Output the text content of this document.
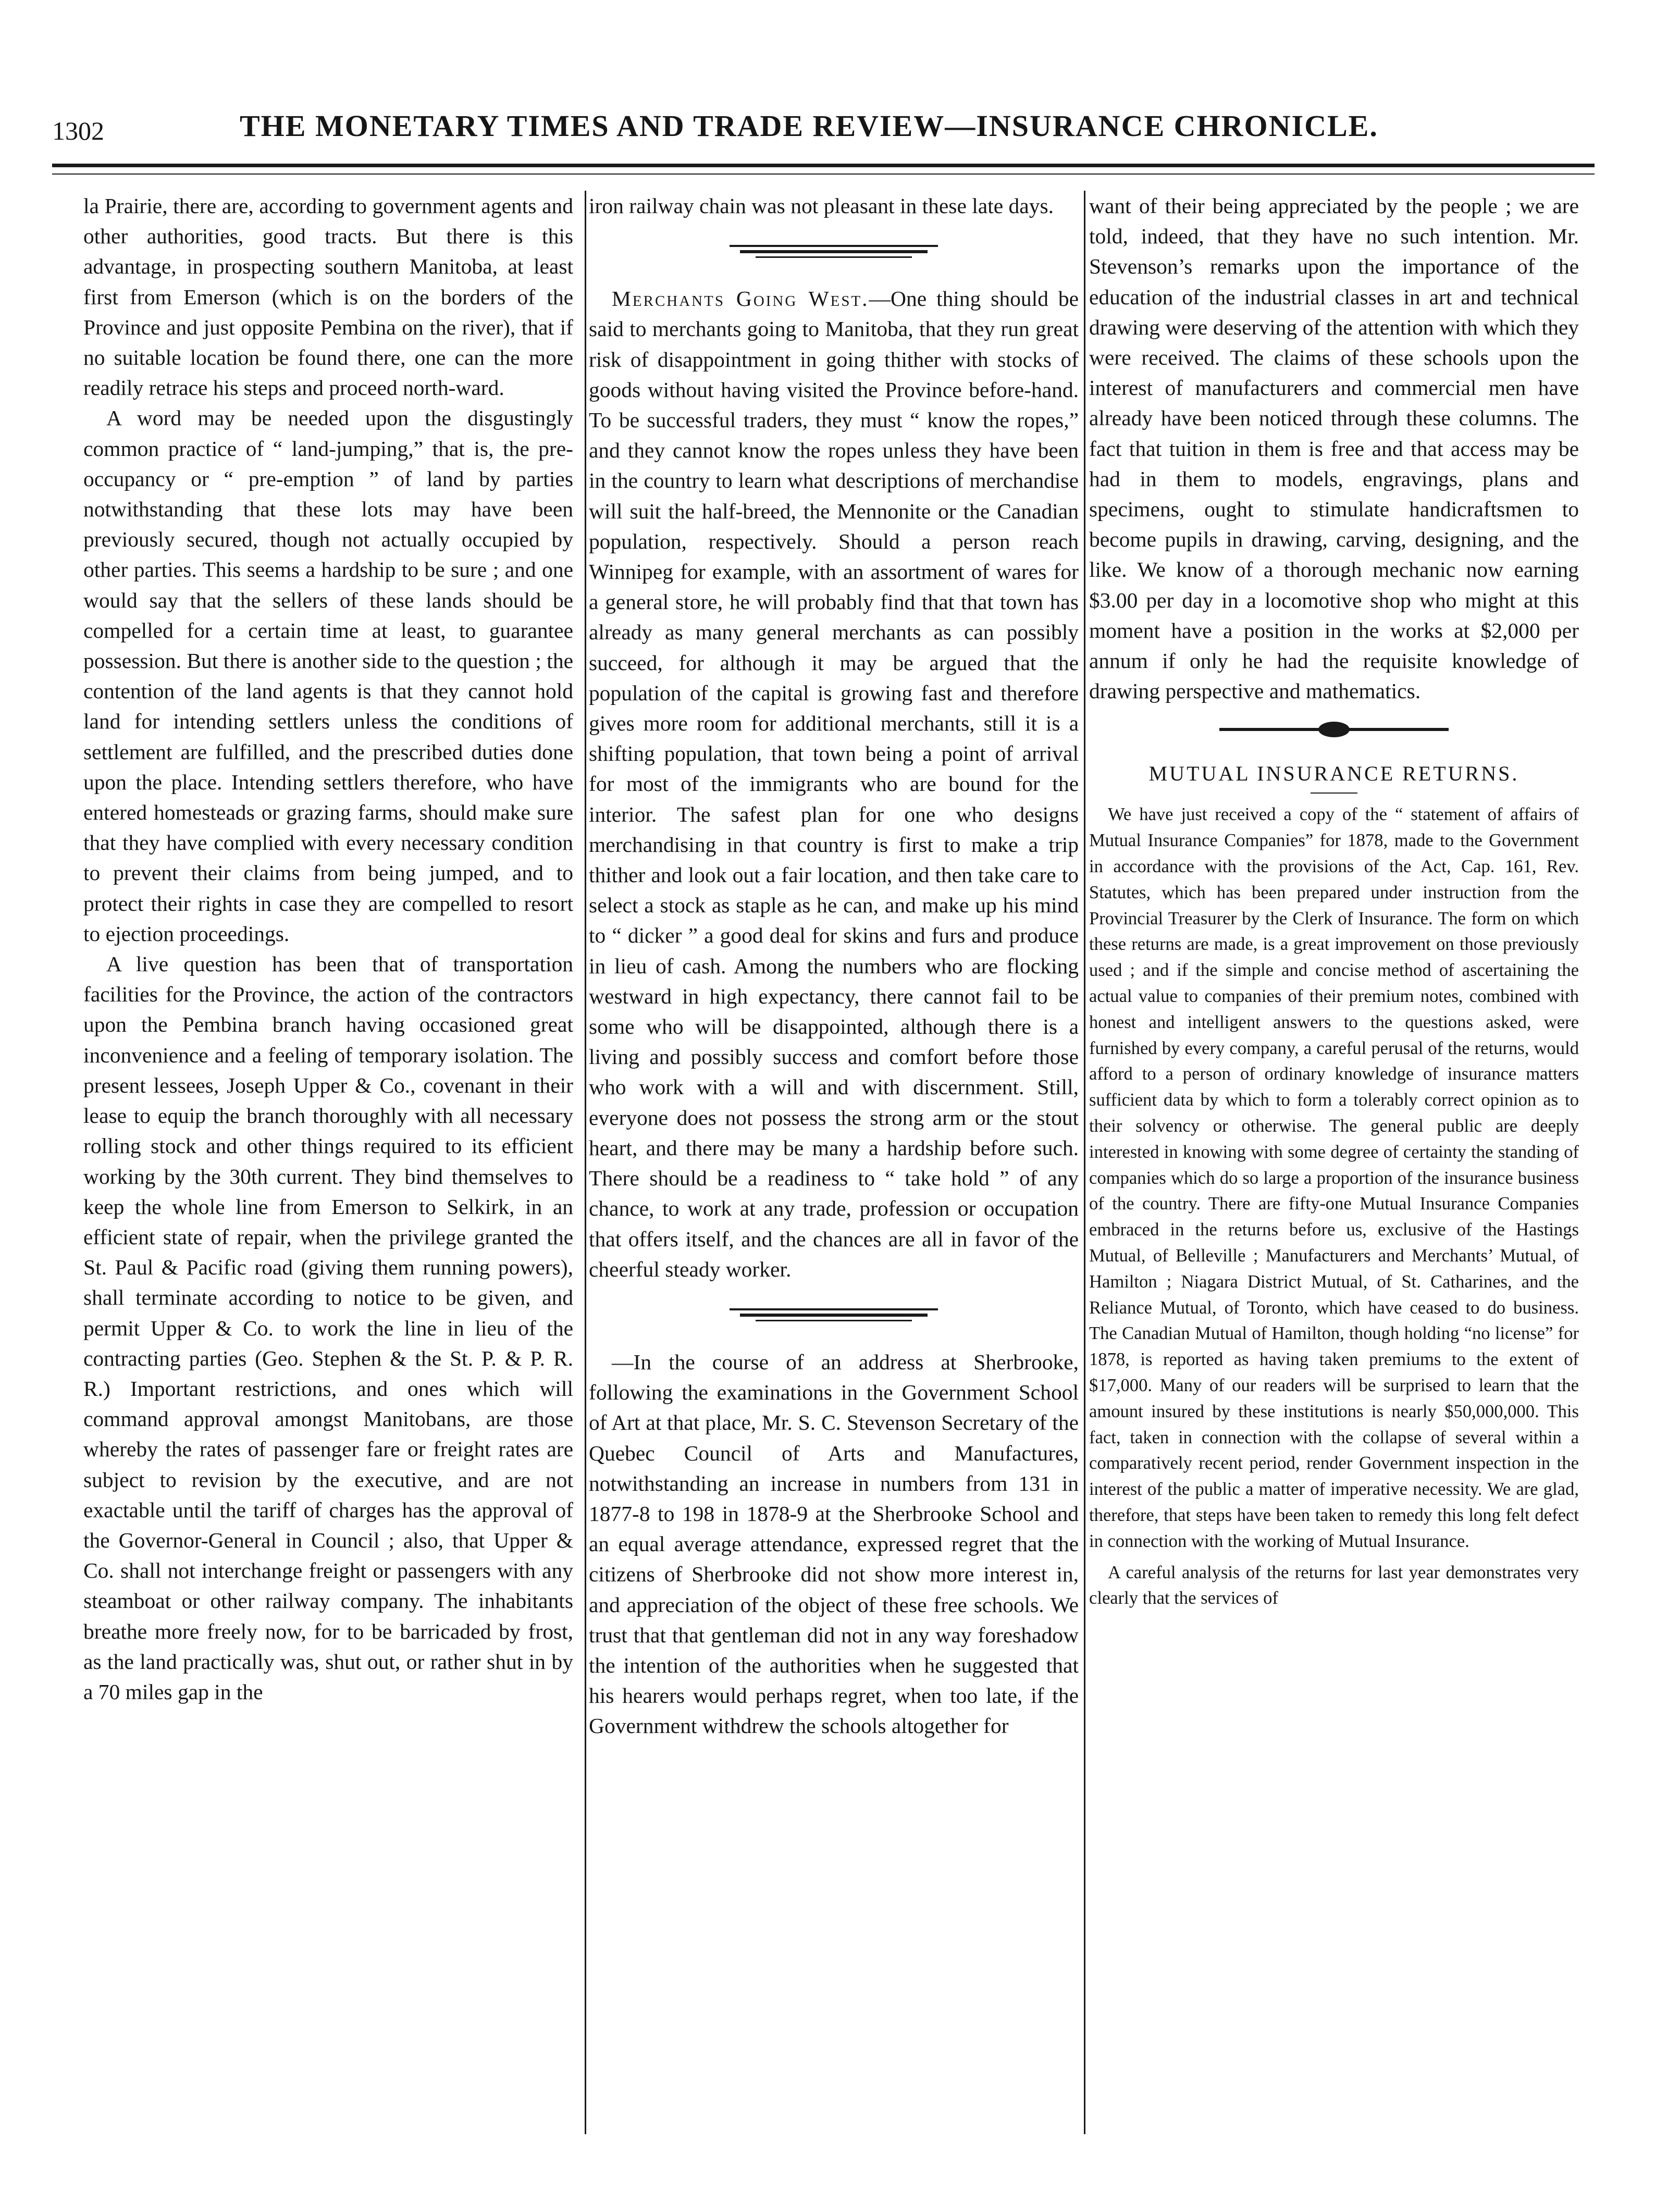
1302	THE MONETARY TIMES AND TRADE REVIEW—INSURANCE CHRONICLE.

la Prairie, there are, according to government agents and other authorities, good tracts. But there is this advantage, in prospecting southern Manitoba, at least first from Emerson (which is on the borders of the Province and just opposite Pembina on the river), that if no suitable location be found there, one can the more readily retrace his steps and proceed north-ward.

A word may be needed upon the disgustingly common practice of “ land-jumping,” that is, the pre-occupancy or “ pre-emption ” of land by parties notwithstanding that these lots may have been previously secured, though not actually occupied by other parties. This seems a hardship to be sure ; and one would say that the sellers of these lands should be compelled for a certain time at least, to guarantee possession. But there is another side to the question ; the contention of the land agents is that they cannot hold land for intending settlers unless the conditions of settlement are fulfilled, and the prescribed duties done upon the place. Intending settlers therefore, who have entered homesteads or grazing farms, should make sure that they have complied with every necessary condition to prevent their claims from being jumped, and to protect their rights in case they are compelled to resort to ejection proceedings.

A live question has been that of transportation facilities for the Province, the action of the contractors upon the Pembina branch having occasioned great inconvenience and a feeling of temporary isolation. The present lessees, Joseph Upper & Co., covenant in their lease to equip the branch thoroughly with all necessary rolling stock and other things required to its efficient working by the 30th current. They bind themselves to keep the whole line from Emerson to Selkirk, in an efficient state of repair, when the privilege granted the St. Paul & Pacific road (giving them running powers), shall terminate according to notice to be given, and permit Upper & Co. to work the line in lieu of the contracting parties (Geo. Stephen & the St. P. & P. R. R.) Important restrictions, and ones which will command approval amongst Manitobans, are those whereby the rates of passenger fare or freight rates are subject to revision by the executive, and are not exactable until the tariff of charges has the approval of the Governor-General in Council ; also, that Upper & Co. shall not interchange freight or passengers with any steamboat or other railway company. The inhabitants breathe more freely now, for to be barricaded by frost, as the land practically was, shut out, or rather shut in by a 70 miles gap in the

iron railway chain was not pleasant in these late days.

Merchants Going West.—One thing should be said to merchants going to Manitoba, that they run great risk of disappointment in going thither with stocks of goods without having visited the Province before-hand. To be successful traders, they must “ know the ropes,” and they cannot know the ropes unless they have been in the country to learn what descriptions of merchandise will suit the half-breed, the Mennonite or the Canadian population, respectively. Should a person reach Winnipeg for example, with an assortment of wares for a general store, he will probably find that that town has already as many general merchants as can possibly succeed, for although it may be argued that the population of the capital is growing fast and therefore gives more room for additional merchants, still it is a shifting population, that town being a point of arrival for most of the immigrants who are bound for the interior. The safest plan for one who designs merchandising in that country is first to make a trip thither and look out a fair location, and then take care to select a stock as staple as he can, and make up his mind to “ dicker ” a good deal for skins and furs and produce in lieu of cash. Among the numbers who are flocking westward in high expectancy, there cannot fail to be some who will be disappointed, although there is a living and possibly success and comfort before those who work with a will and with discernment. Still, everyone does not possess the strong arm or the stout heart, and there may be many a hardship before such. There should be a readiness to “ take hold ” of any chance, to work at any trade, profession or occupation that offers itself, and the chances are all in favor of the cheerful steady worker.

—In the course of an address at Sherbrooke, following the examinations in the Government School of Art at that place, Mr. S. C. Stevenson Secretary of the Quebec Council of Arts and Manufactures, notwithstanding an increase in numbers from 131 in 1877-8 to 198 in 1878-9 at the Sherbrooke School and an equal average attendance, expressed regret that the citizens of Sherbrooke did not show more interest in, and appreciation of the object of these free schools. We trust that that gentleman did not in any way foreshadow the intention of the authorities when he suggested that his hearers would perhaps regret, when too late, if the Government withdrew the schools altogether for

want of their being appreciated by the people ; we are told, indeed, that they have no such intention. Mr. Stevenson’s remarks upon the importance of the education of the industrial classes in art and technical drawing were deserving of the attention with which they were received. The claims of these schools upon the interest of manufacturers and commercial men have already have been noticed through these columns. The fact that tuition in them is free and that access may be had in them to models, engravings, plans and specimens, ought to stimulate handicraftsmen to become pupils in drawing, carving, designing, and the like. We know of a thorough mechanic now earning $3.00 per day in a locomotive shop who might at this moment have a position in the works at $2,000 per annum if only he had the requisite knowledge of drawing perspective and mathematics.

MUTUAL INSURANCE RETURNS.

We have just received a copy of the “ statement of affairs of Mutual Insurance Companies” for 1878, made to the Government in accordance with the provisions of the Act, Cap. 161, Rev. Statutes, which has been prepared under instruction from the Provincial Treasurer by the Clerk of Insurance. The form on which these returns are made, is a great improvement on those previously used ; and if the simple and concise method of ascertaining the actual value to companies of their premium notes, combined with honest and intelligent answers to the questions asked, were furnished by every company, a careful perusal of the returns, would afford to a person of ordinary knowledge of insurance matters sufficient data by which to form a tolerably correct opinion as to their solvency or otherwise. The general public are deeply interested in knowing with some degree of certainty the standing of companies which do so large a proportion of the insurance business of the country. There are fifty-one Mutual Insurance Companies embraced in the returns before us, exclusive of the Hastings Mutual, of Belleville ; Manufacturers and Merchants’ Mutual, of Hamilton ; Niagara District Mutual, of St. Catharines, and the Reliance Mutual, of Toronto, which have ceased to do business. The Canadian Mutual of Hamilton, though holding “no license” for 1878, is reported as having taken premiums to the extent of $17,000. Many of our readers will be surprised to learn that the amount insured by these institutions is nearly $50,000,000. This fact, taken in connection with the collapse of several within a comparatively recent period, render Government inspection in the interest of the public a matter of imperative necessity. We are glad, therefore, that steps have been taken to remedy this long felt defect in connection with the working of Mutual Insurance.

A careful analysis of the returns for last year demonstrates very clearly that the services of
